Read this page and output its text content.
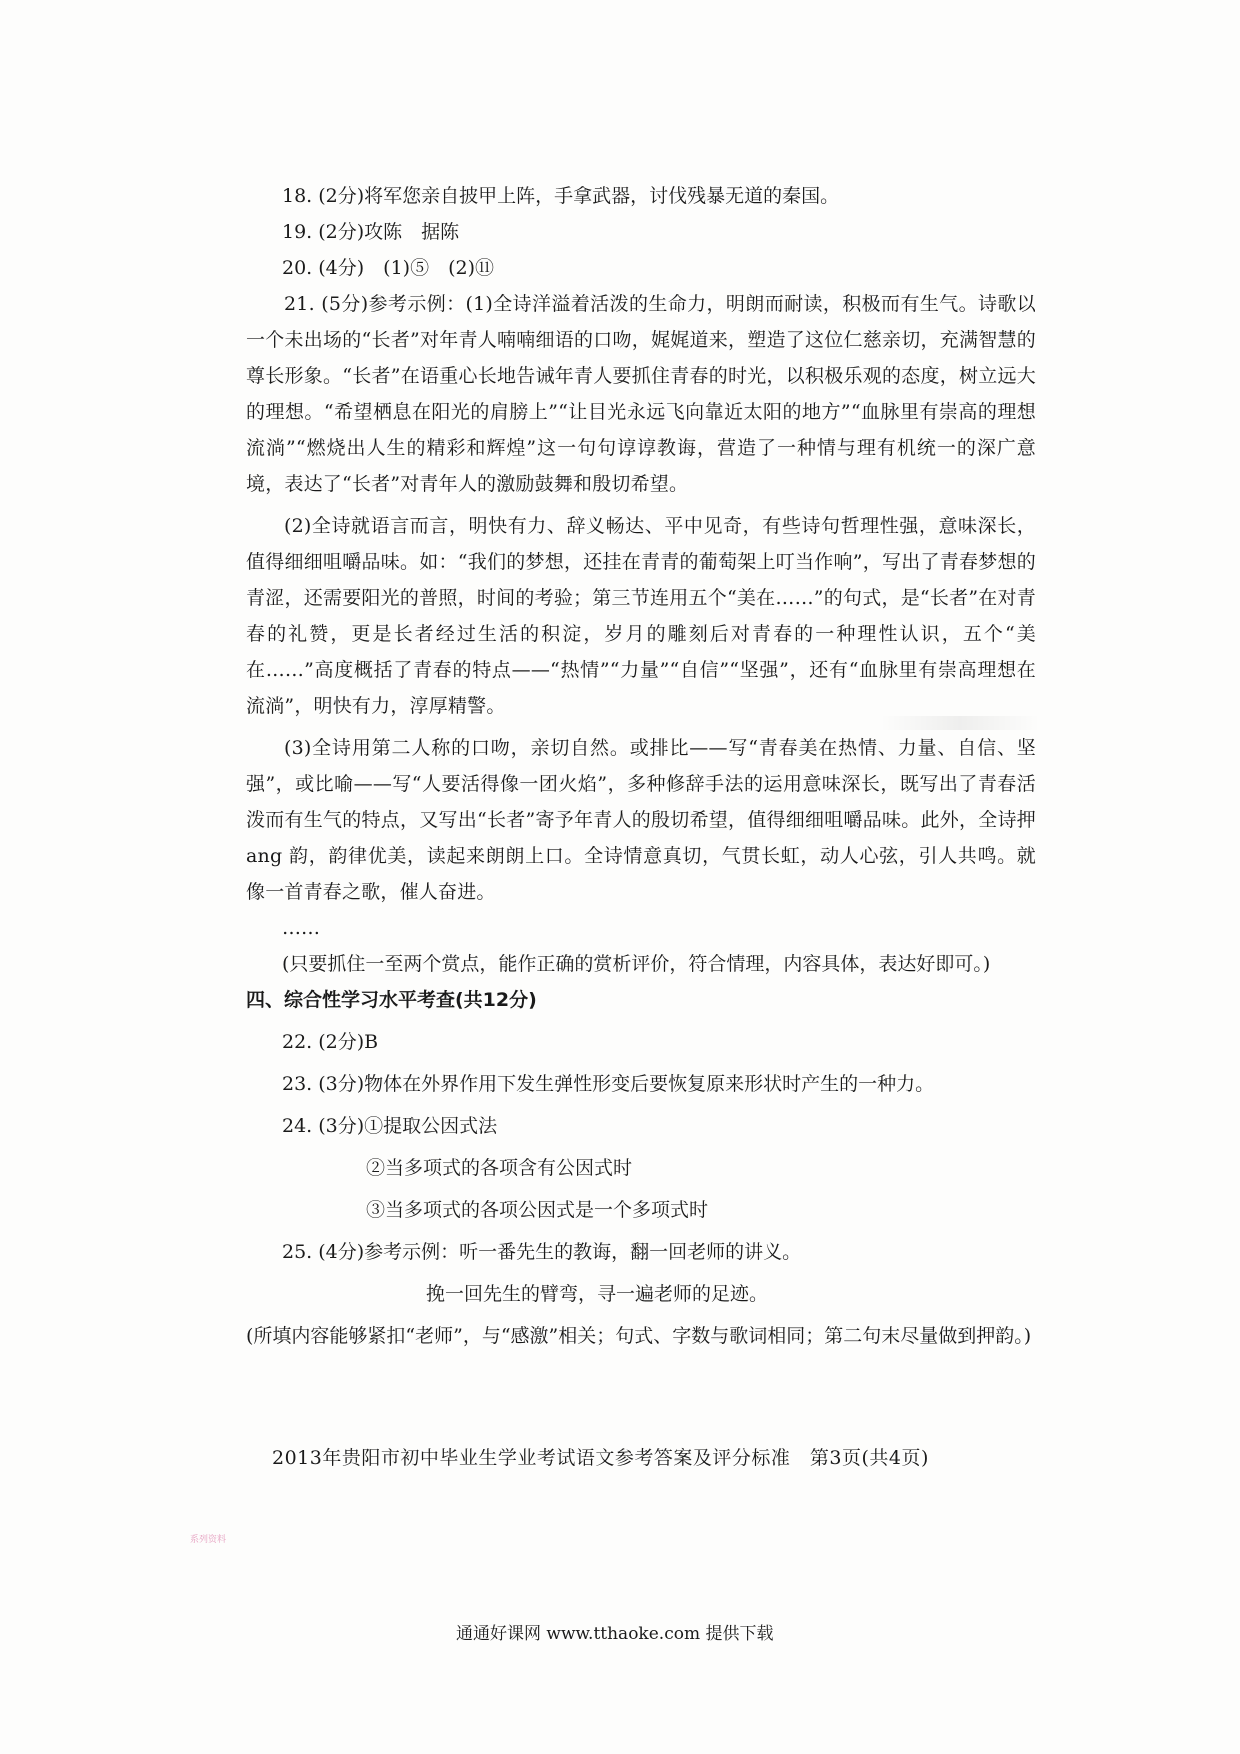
18. (2分)将军您亲自披甲上阵，手拿武器，讨伐残暴无道的秦国。

19. (2分)攻陈　据陈

20. (4分)　(1)⑤　(2)⑪

21. (5分)参考示例：(1)全诗洋溢着活泼的生命力，明朗而耐读，积极而有生气。诗歌以一个未出场的“长者”对年青人喃喃细语的口吻，娓娓道来，塑造了这位仁慈亲切，充满智慧的尊长形象。“长者”在语重心长地告诫年青人要抓住青春的时光，以积极乐观的态度，树立远大的理想。“希望栖息在阳光的肩膀上”“让目光永远飞向靠近太阳的地方”“血脉里有崇高的理想流淌”“燃烧出人生的精彩和辉煌”这一句句谆谆教诲，营造了一种情与理有机统一的深广意境，表达了“长者”对青年人的激励鼓舞和殷切希望。

(2)全诗就语言而言，明快有力、辞义畅达、平中见奇，有些诗句哲理性强，意味深长，值得细细咀嚼品味。如：“我们的梦想，还挂在青青的葡萄架上叮当作响”，写出了青春梦想的青涩，还需要阳光的普照，时间的考验；第三节连用五个“美在……”的句式，是“长者”在对青春的礼赞，更是长者经过生活的积淀，岁月的雕刻后对青春的一种理性认识，五个“美在……”高度概括了青春的特点——“热情”“力量”“自信”“坚强”，还有“血脉里有崇高理想在流淌”，明快有力，淳厚精警。

(3)全诗用第二人称的口吻，亲切自然。或排比——写“青春美在热情、力量、自信、坚强”，或比喻——写“人要活得像一团火焰”，多种修辞手法的运用意味深长，既写出了青春活泼而有生气的特点，又写出“长者”寄予年青人的殷切希望，值得细细咀嚼品味。此外，全诗押 ang 韵，韵律优美，读起来朗朗上口。全诗情意真切，气贯长虹，动人心弦，引人共鸣。就像一首青春之歌，催人奋进。

……

(只要抓住一至两个赏点，能作正确的赏析评价，符合情理，内容具体，表达好即可。)

四、综合性学习水平考查(共12分)

22. (2分)B

23. (3分)物体在外界作用下发生弹性形变后要恢复原来形状时产生的一种力。

24. (3分)①提取公因式法

②当多项式的各项含有公因式时

③当多项式的各项公因式是一个多项式时

25. (4分)参考示例：听一番先生的教诲，翻一回老师的讲义。

挽一回先生的臂弯，寻一遍老师的足迹。

(所填内容能够紧扣“老师”，与“感激”相关；句式、字数与歌词相同；第二句末尽量做到押韵。)

2013年贵阳市初中毕业生学业考试语文参考答案及评分标准　第3页(共4页)
系列资料
通通好课网 www.tthaoke.com 提供下载
